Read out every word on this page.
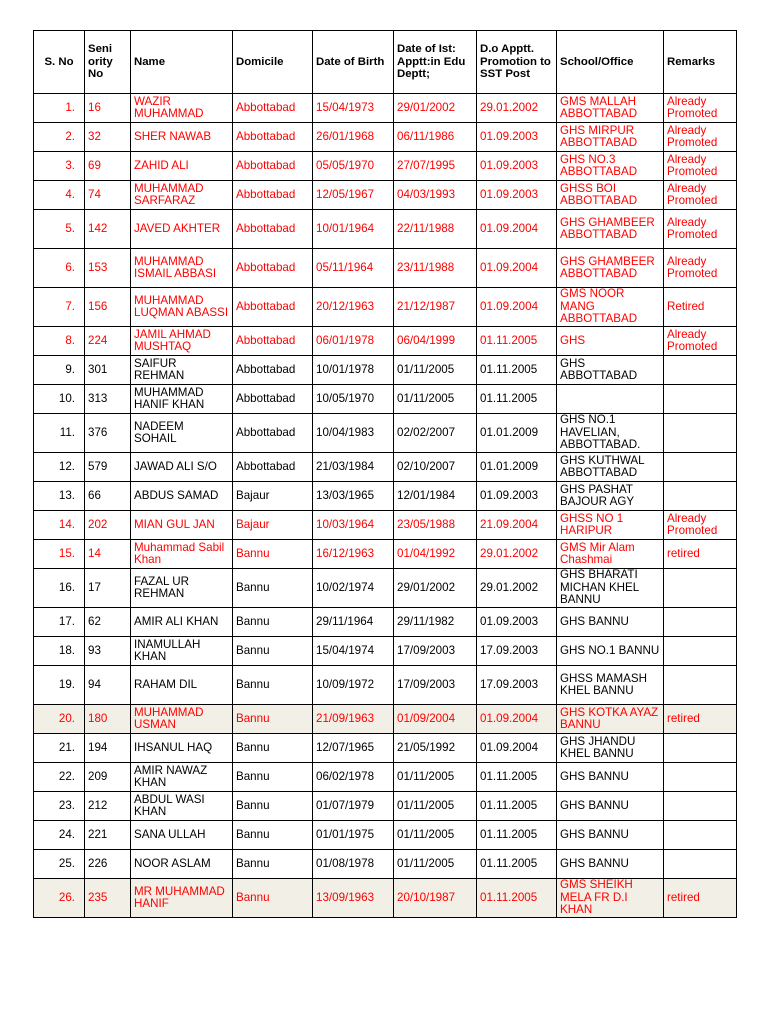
S. No	Seni ority No	Name	Domicile	Date of Birth	Date of Ist: Apptt:in Edu Deptt;	D.o Apptt. Promotion to SST Post	School/Office	Remarks
1.	16	WAZIR MUHAMMAD	Abbottabad	15/04/1973	29/01/2002	29.01.2002	GMS MALLAH ABBOTTABAD	Already Promoted
2.	32	SHER NAWAB	Abbottabad	26/01/1968	06/11/1986	01.09.2003	GHS MIRPUR ABBOTTABAD	Already Promoted
3.	69	ZAHID ALI	Abbottabad	05/05/1970	27/07/1995	01.09.2003	GHS NO.3 ABBOTTABAD	Already Promoted
4.	74	MUHAMMAD SARFARAZ	Abbottabad	12/05/1967	04/03/1993	01.09.2003	GHSS BOI ABBOTTABAD	Already Promoted
5.	142	JAVED AKHTER	Abbottabad	10/01/1964	22/11/1988	01.09.2004	GHS GHAMBEER ABBOTTABAD	Already Promoted
6.	153	MUHAMMAD ISMAIL ABBASI	Abbottabad	05/11/1964	23/11/1988	01.09.2004	GHS GHAMBEER ABBOTTABAD	Already Promoted
7.	156	MUHAMMAD LUQMAN ABASSI	Abbottabad	20/12/1963	21/12/1987	01.09.2004	GMS NOOR MANG ABBOTTABAD	Retired
8.	224	JAMIL AHMAD MUSHTAQ	Abbottabad	06/01/1978	06/04/1999	01.11.2005	GHS	Already Promoted
9.	301	SAIFUR REHMAN	Abbottabad	10/01/1978	01/11/2005	01.11.2005	GHS ABBOTTABAD	
10.	313	MUHAMMAD HANIF KHAN	Abbottabad	10/05/1970	01/11/2005	01.11.2005		
11.	376	NADEEM SOHAIL	Abbottabad	10/04/1983	02/02/2007	01.01.2009	GHS NO.1 HAVELIAN, ABBOTTABAD.	
12.	579	JAWAD ALI S/O	Abbottabad	21/03/1984	02/10/2007	01.01.2009	GHS KUTHWAL ABBOTTABAD	
13.	66	ABDUS SAMAD	Bajaur	13/03/1965	12/01/1984	01.09.2003	GHS PASHAT BAJOUR AGY	
14.	202	MIAN GUL JAN	Bajaur	10/03/1964	23/05/1988	21.09.2004	GHSS NO 1 HARIPUR	Already Promoted
15.	14	Muhammad Sabil Khan	Bannu	16/12/1963	01/04/1992	29.01.2002	GMS Mir Alam Chashmai	retired
16.	17	FAZAL UR REHMAN	Bannu	10/02/1974	29/01/2002	29.01.2002	GHS BHARATI MICHAN KHEL BANNU	
17.	62	AMIR ALI KHAN	Bannu	29/11/1964	29/11/1982	01.09.2003	GHS BANNU	
18.	93	INAMULLAH KHAN	Bannu	15/04/1974	17/09/2003	17.09.2003	GHS NO.1 BANNU	
19.	94	RAHAM DIL	Bannu	10/09/1972	17/09/2003	17.09.2003	GHSS MAMASH KHEL BANNU	
20.	180	MUHAMMAD USMAN	Bannu	21/09/1963	01/09/2004	01.09.2004	GHS KOTKA AYAZ BANNU	retired
21.	194	IHSANUL HAQ	Bannu	12/07/1965	21/05/1992	01.09.2004	GHS JHANDU KHEL BANNU	
22.	209	AMIR NAWAZ KHAN	Bannu	06/02/1978	01/11/2005	01.11.2005	GHS BANNU	
23.	212	ABDUL WASI KHAN	Bannu	01/07/1979	01/11/2005	01.11.2005	GHS BANNU	
24.	221	SANA ULLAH	Bannu	01/01/1975	01/11/2005	01.11.2005	GHS BANNU	
25.	226	NOOR ASLAM	Bannu	01/08/1978	01/11/2005	01.11.2005	GHS BANNU	
26.	235	MR MUHAMMAD HANIF	Bannu	13/09/1963	20/10/1987	01.11.2005	GMS SHEIKH MELA FR D.I KHAN	retired
